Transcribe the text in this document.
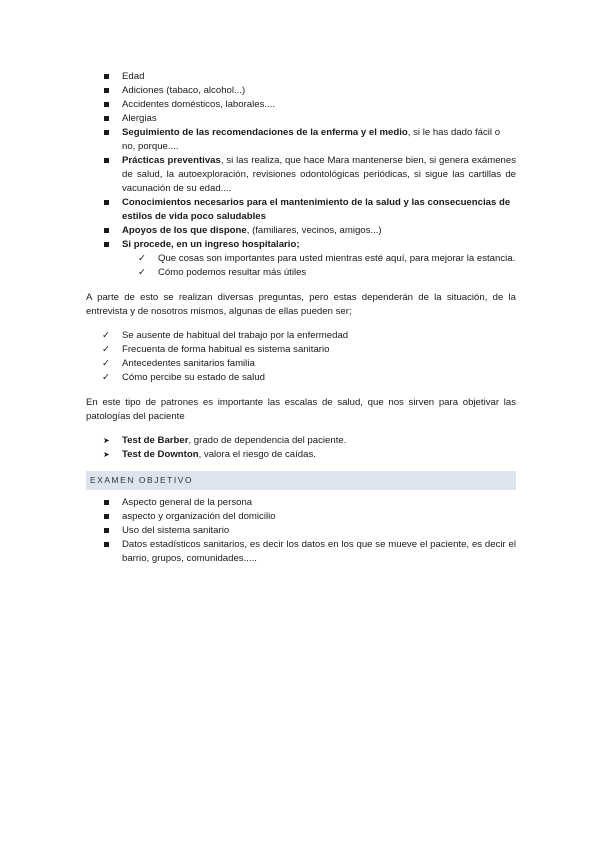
Edad
Adiciones (tabaco, alcohol...)
Accidentes domésticos, laborales....
Alergias
Seguimiento de las recomendaciones de la enferma y el medio, si le has dado fácil o no, porque....
Prácticas preventivas, si las realiza, que hace Mara mantenerse bien, si genera exámenes de salud, la autoexploración, revisiones odontológicas periódicas, si sigue las cartillas de vacunación de su edad....
Conocimientos necesarios para el mantenimiento de la salud y las consecuencias de estilos de vida poco saludables
Apoyos de los que dispone, (familiares, vecinos, amigos...)
Si procede, en un ingreso hospitalario;
✓ Que cosas son importantes para usted mientras esté aquí, para mejorar la estancia.
✓ Cómo podemos resultar más útiles

A parte de esto se realizan diversas preguntas, pero estas dependerán de la situación, de la entrevista y de nosotros mismos, algunas de ellas pueden ser;

✓ Se ausente de habitual del trabajo por la enfermedad
✓ Frecuenta de forma habitual es sistema sanitario
✓ Antecedentes sanitarios familia
✓ Cómo percibe su estado de salud

En este tipo de patrones es importante las escalas de salud, que nos sirven para objetivar las patologías del paciente

➤ Test de Barber, grado de dependencia del paciente.
➤ Test de Downton, valora el riesgo de caídas.
EXAMEN OBJETIVO
Aspecto general de la persona
aspecto y organización del domicilio
Uso del sistema sanitario
Datos estadísticos sanitarios, es decir los datos en los que se mueve el paciente, es decir el barrio, grupos, comunidades.....
